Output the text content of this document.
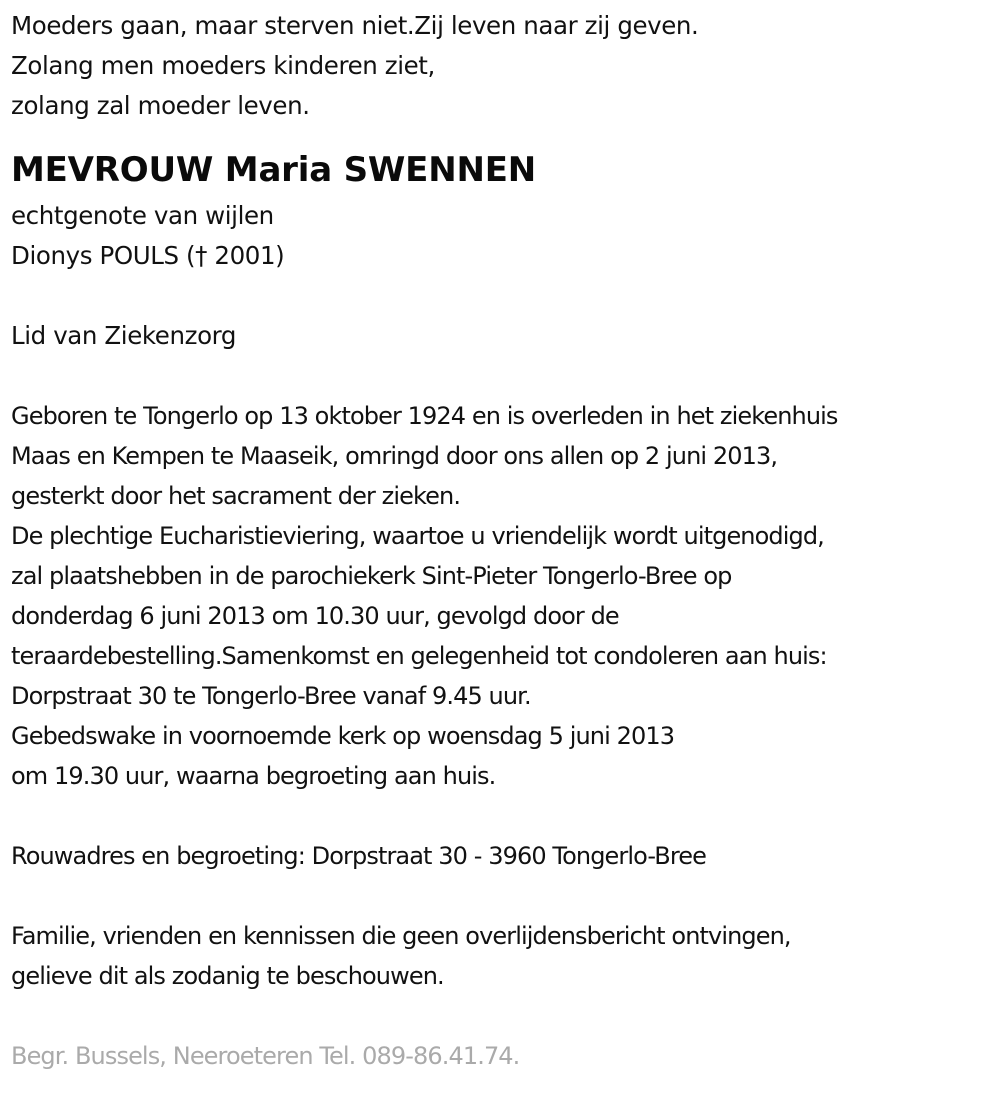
Moeders gaan, maar sterven niet.Zij leven naar zij geven.
Zolang men moeders kinderen ziet,
zolang zal moeder leven.
MEVROUW Maria SWENNEN
echtgenote van wijlen
Dionys POULS († 2001)
Lid van Ziekenzorg
Geboren te Tongerlo op 13 oktober 1924 en is overleden in het ziekenhuis
Maas en Kempen te Maaseik, omringd door ons allen op 2 juni 2013,
gesterkt door het sacrament der zieken.
De plechtige Eucharistieviering, waartoe u vriendelijk wordt uitgenodigd,
zal plaatshebben in de parochiekerk Sint-Pieter Tongerlo-Bree op
donderdag 6 juni 2013 om 10.30 uur, gevolgd door de
teraardebestelling.Samenkomst en gelegenheid tot condoleren aan huis:
Dorpstraat 30 te Tongerlo-Bree vanaf 9.45 uur.
Gebedswake in voornoemde kerk op woensdag 5 juni 2013
om 19.30 uur, waarna begroeting aan huis.
Rouwadres en begroeting: Dorpstraat 30 - 3960 Tongerlo-Bree
Familie, vrienden en kennissen die geen overlijdensbericht ontvingen,
gelieve dit als zodanig te beschouwen.
Begr. Bussels, Neeroeteren Tel. 089-86.41.74.
